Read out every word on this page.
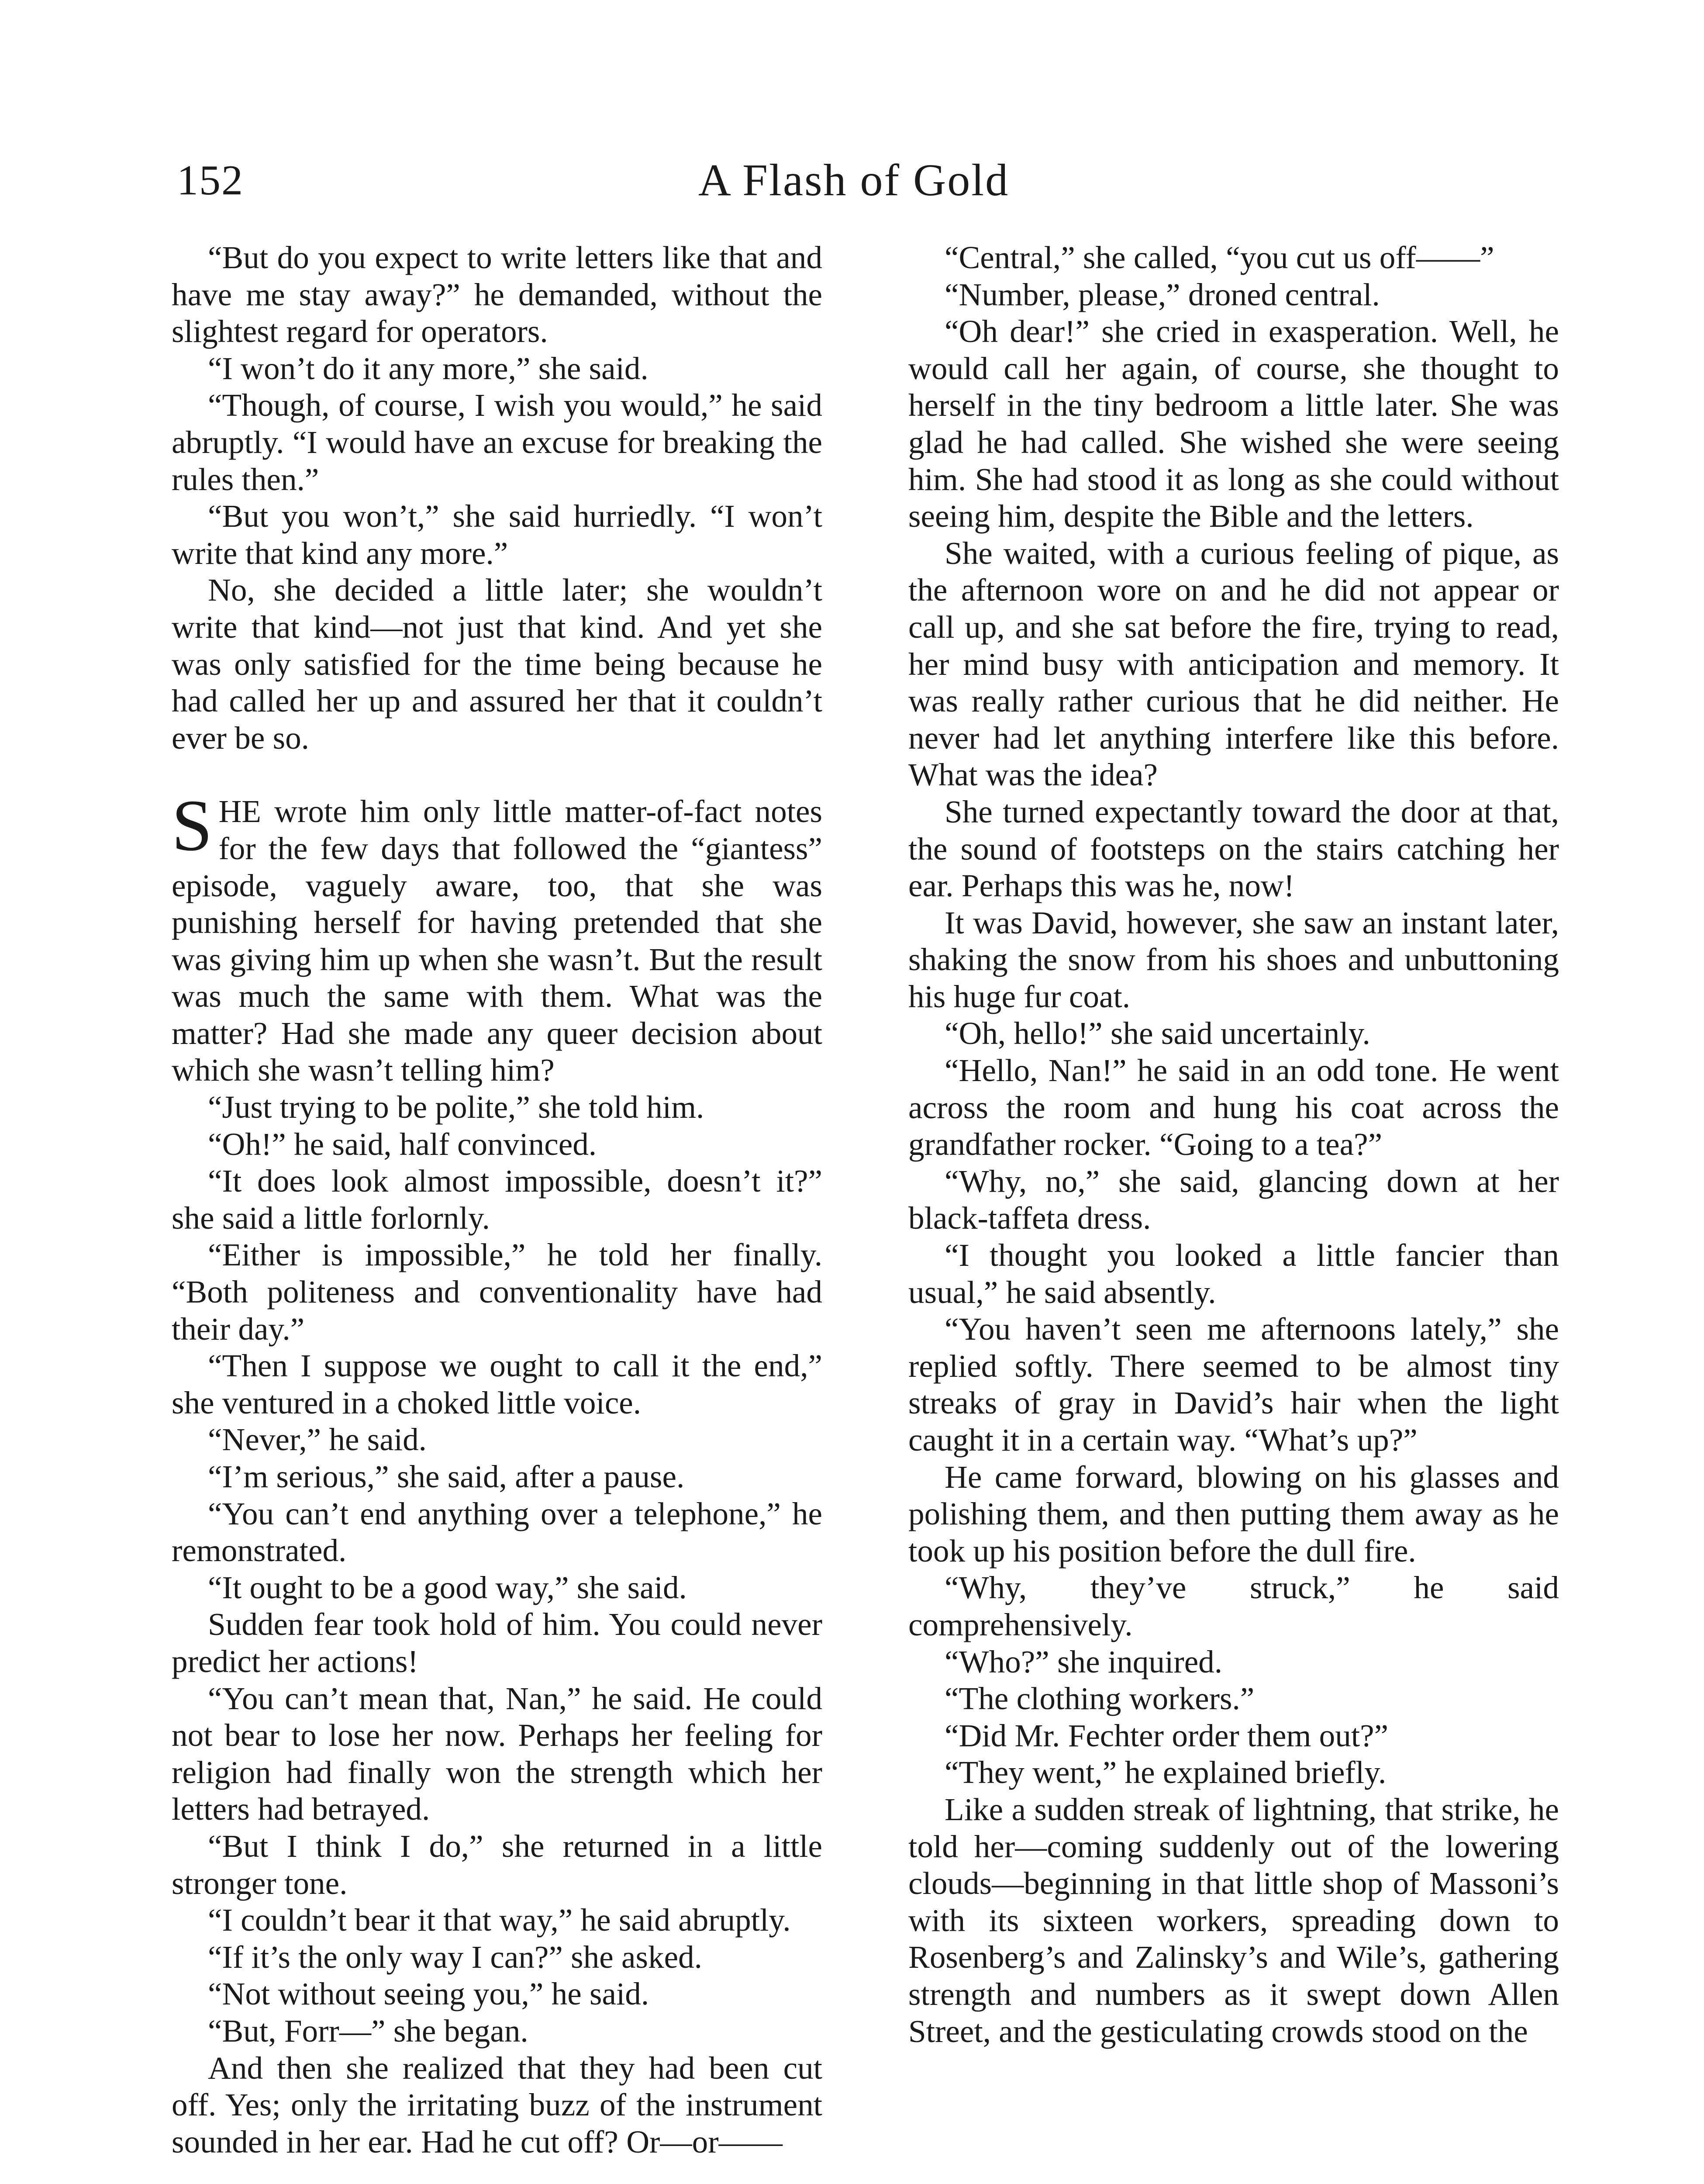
152	A Flash of Gold

“But do you expect to write letters like that and have me stay away?” he demanded, without the slightest regard for operators.

“I won’t do it any more,” she said.

“Though, of course, I wish you would,” he said abruptly. “I would have an excuse for breaking the rules then.”

“But you won’t,” she said hurriedly. “I won’t write that kind any more.”

No, she decided a little later; she wouldn’t write that kind—not just that kind. And yet she was only satisfied for the time being because he had called her up and assured her that it couldn’t ever be so.

SHE wrote him only little matter-of-fact notes for the few days that followed the “giantess” episode, vaguely aware, too, that she was punishing herself for having pretended that she was giving him up when she wasn’t. But the result was much the same with them. What was the matter? Had she made any queer decision about which she wasn’t telling him?

“Just trying to be polite,” she told him.

“Oh!” he said, half convinced.

“It does look almost impossible, doesn’t it?” she said a little forlornly.

“Either is impossible,” he told her finally. “Both politeness and conventionality have had their day.”

“Then I suppose we ought to call it the end,” she ventured in a choked little voice.

“Never,” he said.

“I’m serious,” she said, after a pause.

“You can’t end anything over a telephone,” he remonstrated.

“It ought to be a good way,” she said.

Sudden fear took hold of him. You could never predict her actions!

“You can’t mean that, Nan,” he said. He could not bear to lose her now. Perhaps her feeling for religion had finally won the strength which her letters had betrayed.

“But I think I do,” she returned in a little stronger tone.

“I couldn’t bear it that way,” he said abruptly.

“If it’s the only way I can?” she asked.

“Not without seeing you,” he said.

“But, Forr—” she began.

And then she realized that they had been cut off. Yes; only the irritating buzz of the instrument sounded in her ear. Had he cut off? Or—or——

“Central,” she called, “you cut us off——”

“Number, please,” droned central.

“Oh dear!” she cried in exasperation. Well, he would call her again, of course, she thought to herself in the tiny bedroom a little later. She was glad he had called. She wished she were seeing him. She had stood it as long as she could without seeing him, despite the Bible and the letters.

She waited, with a curious feeling of pique, as the afternoon wore on and he did not appear or call up, and she sat before the fire, trying to read, her mind busy with anticipation and memory. It was really rather curious that he did neither. He never had let anything interfere like this before. What was the idea?

She turned expectantly toward the door at that, the sound of footsteps on the stairs catching her ear. Perhaps this was he, now!

It was David, however, she saw an instant later, shaking the snow from his shoes and unbuttoning his huge fur coat.

“Oh, hello!” she said uncertainly.

“Hello, Nan!” he said in an odd tone. He went across the room and hung his coat across the grandfather rocker. “Going to a tea?”

“Why, no,” she said, glancing down at her black-taffeta dress.

“I thought you looked a little fancier than usual,” he said absently.

“You haven’t seen me afternoons lately,” she replied softly. There seemed to be almost tiny streaks of gray in David’s hair when the light caught it in a certain way. “What’s up?”

He came forward, blowing on his glasses and polishing them, and then putting them away as he took up his position before the dull fire.

“Why, they’ve struck,” he said comprehensively.

“Who?” she inquired.

“The clothing workers.”

“Did Mr. Fechter order them out?”

“They went,” he explained briefly.

Like a sudden streak of lightning, that strike, he told her—coming suddenly out of the lowering clouds—beginning in that little shop of Massoni’s with its sixteen workers, spreading down to Rosenberg’s and Zalinsky’s and Wile’s, gathering strength and numbers as it swept down Allen Street, and the gesticulating crowds stood on the
